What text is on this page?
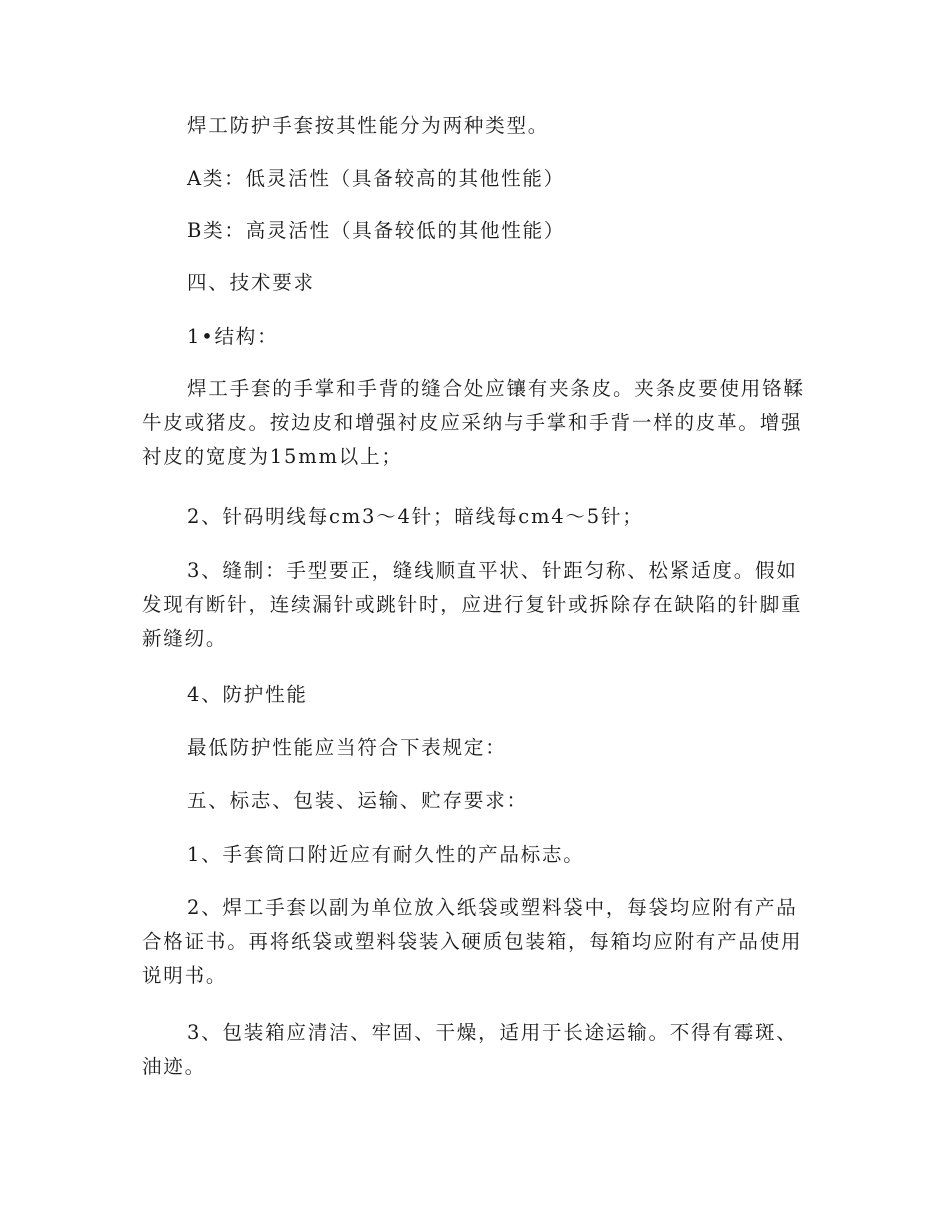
焊工防护手套按其性能分为两种类型。

A类：低灵活性（具备较高的其他性能）

B类：高灵活性（具备较低的其他性能）

四、技术要求

1•结构：

焊工手套的手掌和手背的缝合处应镶有夹条皮。夹条皮要使用铬鞣牛皮或猪皮。按边皮和增强衬皮应采纳与手掌和手背一样的皮革。增强衬皮的宽度为15mm以上；

2、针码明线每cm3～4针；暗线每cm4～5针；

3、缝制：手型要正，缝线顺直平状、针距匀称、松紧适度。假如发现有断针，连续漏针或跳针时，应进行复针或拆除存在缺陷的针脚重新缝纫。

4、防护性能

最低防护性能应当符合下表规定：

五、标志、包装、运输、贮存要求：

1、手套筒口附近应有耐久性的产品标志。

2、焊工手套以副为单位放入纸袋或塑料袋中，每袋均应附有产品合格证书。再将纸袋或塑料袋装入硬质包装箱，每箱均应附有产品使用说明书。

3、包装箱应清洁、牢固、干燥，适用于长途运输。不得有霉斑、油迹。
